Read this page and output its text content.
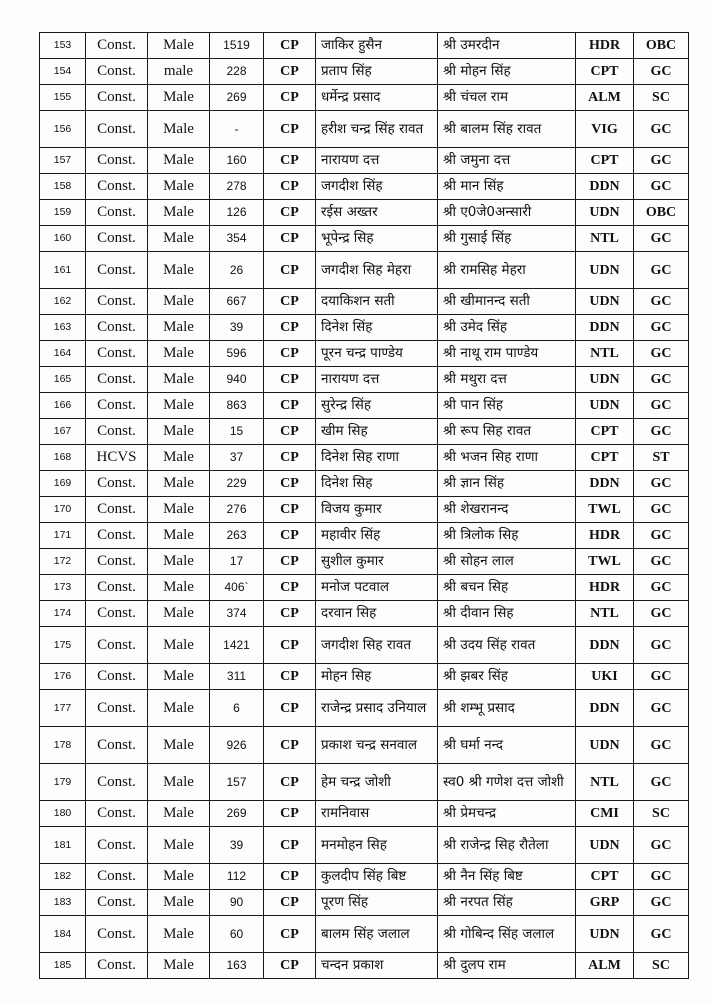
153	Const.	Male	1519	CP	जाकिर हुसैन	श्री उमरदीन	HDR	OBC
154	Const.	male	228	CP	प्रताप सिंह	श्री मोहन सिंह	CPT	GC
155	Const.	Male	269	CP	धर्मेन्द्र प्रसाद	श्री चंचल राम	ALM	SC
156	Const.	Male	-	CP	हरीश चन्द्र सिंह रावत	श्री बालम सिंह रावत	VIG	GC
157	Const.	Male	160	CP	नारायण दत्त	श्री जमुना दत्त	CPT	GC
158	Const.	Male	278	CP	जगदीश सिंह	श्री मान सिंह	DDN	GC
159	Const.	Male	126	CP	रईस अख्तर	श्री ए0जे0अन्सारी	UDN	OBC
160	Const.	Male	354	CP	भूपेन्द्र सिह	श्री गुसाई सिंह	NTL	GC
161	Const.	Male	26	CP	जगदीश सिह मेहरा	श्री रामसिह मेहरा	UDN	GC
162	Const.	Male	667	CP	दयाकिशन सती	श्री खीमानन्द सती	UDN	GC
163	Const.	Male	39	CP	दिनेश सिंह	श्री उमेद सिंह	DDN	GC
164	Const.	Male	596	CP	पूरन चन्द्र पाण्डेय	श्री नाथू राम पाण्डेय	NTL	GC
165	Const.	Male	940	CP	नारायण दत्त	श्री मथुरा दत्त	UDN	GC
166	Const.	Male	863	CP	सुरेन्द्र सिंह	श्री पान सिंह	UDN	GC
167	Const.	Male	15	CP	खीम सिह	श्री रूप सिह रावत	CPT	GC
168	HCVS	Male	37	CP	दिनेश सिह राणा	श्री भजन सिह राणा	CPT	ST
169	Const.	Male	229	CP	दिनेश सिह	श्री ज्ञान सिंह	DDN	GC
170	Const.	Male	276	CP	विजय कुमार	श्री शेखरानन्द	TWL	GC
171	Const.	Male	263	CP	महावीर सिंह	श्री त्रिलोक सिह	HDR	GC
172	Const.	Male	17	CP	सुशील कुमार	श्री सोहन लाल	TWL	GC
173	Const.	Male	406`	CP	मनोज पटवाल	श्री बचन सिह	HDR	GC
174	Const.	Male	374	CP	दरवान सिह	श्री दीवान सिह	NTL	GC
175	Const.	Male	1421	CP	जगदीश सिह रावत	श्री उदय सिंह रावत	DDN	GC
176	Const.	Male	311	CP	मोहन सिह	श्री झबर सिंह	UKI	GC
177	Const.	Male	6	CP	राजेन्द्र प्रसाद उनियाल	श्री शम्भू प्रसाद	DDN	GC
178	Const.	Male	926	CP	प्रकाश चन्द्र सनवाल	श्री घर्मा नन्द	UDN	GC
179	Const.	Male	157	CP	हेम चन्द्र जोशी	स्व0 श्री गणेश दत्त जोशी	NTL	GC
180	Const.	Male	269	CP	रामनिवास	श्री प्रेमचन्द्र	CMI	SC
181	Const.	Male	39	CP	मनमोहन सिह	श्री राजेन्द्र सिह रौतेला	UDN	GC
182	Const.	Male	112	CP	कुलदीप सिंह बिष्ट	श्री नैन सिंह बिष्ट	CPT	GC
183	Const.	Male	90	CP	पूरण सिंह	श्री नरपत सिंह	GRP	GC
184	Const.	Male	60	CP	बालम सिंह जलाल	श्री गोबिन्द सिंह जलाल	UDN	GC
185	Const.	Male	163	CP	चन्दन प्रकाश	श्री दुलप राम	ALM	SC
